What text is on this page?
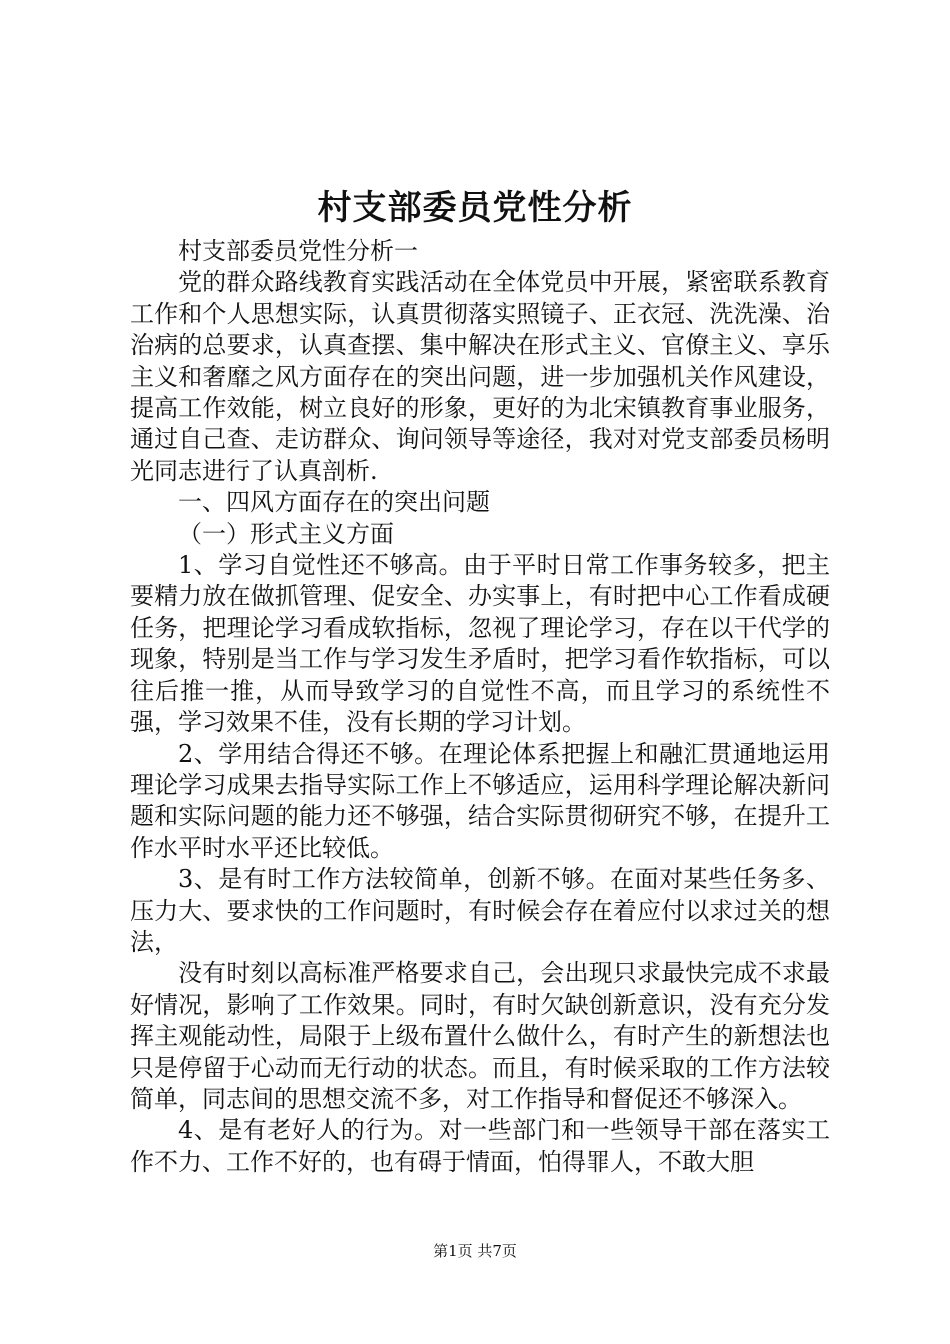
村支部委员党性分析

村支部委员党性分析一

党的群众路线教育实践活动在全体党员中开展，紧密联系教育工作和个人思想实际，认真贯彻落实照镜子、正衣冠、洗洗澡、治治病的总要求，认真查摆、集中解决在形式主义、官僚主义、享乐主义和奢靡之风方面存在的突出问题，进一步加强机关作风建设，提高工作效能，树立良好的形象，更好的为北宋镇教育事业服务，通过自己查、走访群众、询问领导等途径，我对对党支部委员杨明光同志进行了认真剖析.

一、四风方面存在的突出问题

（一）形式主义方面

1、学习自觉性还不够高。由于平时日常工作事务较多，把主要精力放在做抓管理、促安全、办实事上，有时把中心工作看成硬任务，把理论学习看成软指标，忽视了理论学习，存在以干代学的现象，特别是当工作与学习发生矛盾时，把学习看作软指标，可以往后推一推，从而导致学习的自觉性不高，而且学习的系统性不强，学习效果不佳，没有长期的学习计划。

2、学用结合得还不够。在理论体系把握上和融汇贯通地运用理论学习成果去指导实际工作上不够适应，运用科学理论解决新问题和实际问题的能力还不够强，结合实际贯彻研究不够，在提升工作水平时水平还比较低。

3、是有时工作方法较简单，创新不够。在面对某些任务多、压力大、要求快的工作问题时，有时候会存在着应付以求过关的想法，

没有时刻以高标准严格要求自己，会出现只求最快完成不求最好情况，影响了工作效果。同时，有时欠缺创新意识，没有充分发挥主观能动性，局限于上级布置什么做什么，有时产生的新想法也只是停留于心动而无行动的状态。而且，有时候采取的工作方法较简单，同志间的思想交流不多，对工作指导和督促还不够深入。

4、是有老好人的行为。对一些部门和一些领导干部在落实工作不力、工作不好的，也有碍于情面，怕得罪人，不敢大胆

第1页 共7页
